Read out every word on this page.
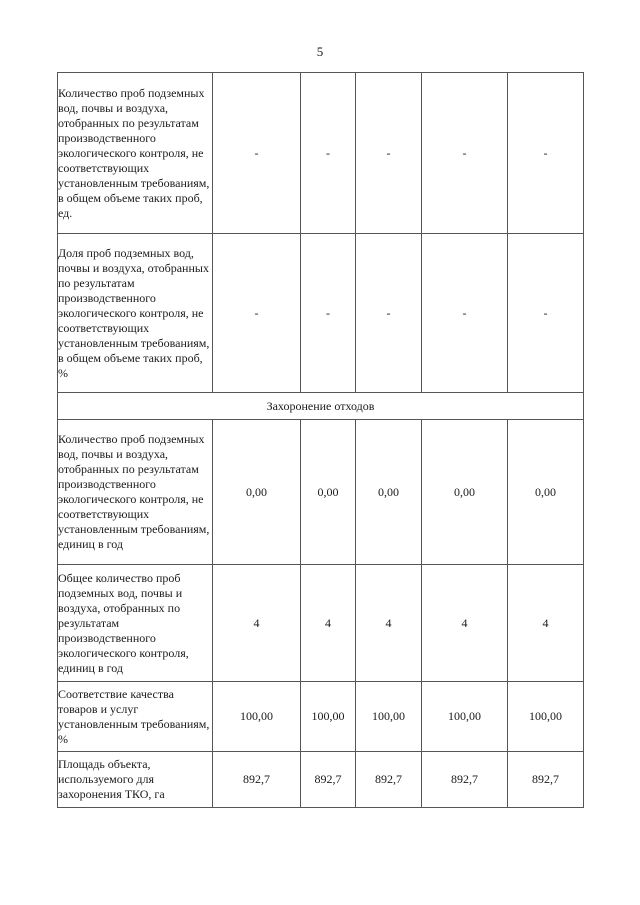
5
Количество проб подземных вод, почвы и воздуха, отобранных по результатам производственного экологического контроля, не соответствующих установленным требованиям, в общем объеме таких проб, ед.	-	-	-	-	-
Доля проб подземных вод, почвы и воздуха, отобранных по результатам производственного экологического контроля, не соответствующих установленным требованиям, в общем объеме таких проб, %	-	-	-	-	-
Захоронение отходов					
Количество проб подземных вод, почвы и воздуха, отобранных по результатам производственного экологического контроля, не соответствующих установленным требованиям, единиц в год	0,00	0,00	0,00	0,00	0,00
Общее количество проб подземных вод, почвы и воздуха, отобранных по результатам производственного экологического контроля, единиц в год	4	4	4	4	4
Соответствие качества товаров и услуг установленным требованиям, %	100,00	100,00	100,00	100,00	100,00
Площадь объекта, используемого для захоронения ТКО, га	892,7	892,7	892,7	892,7	892,7
